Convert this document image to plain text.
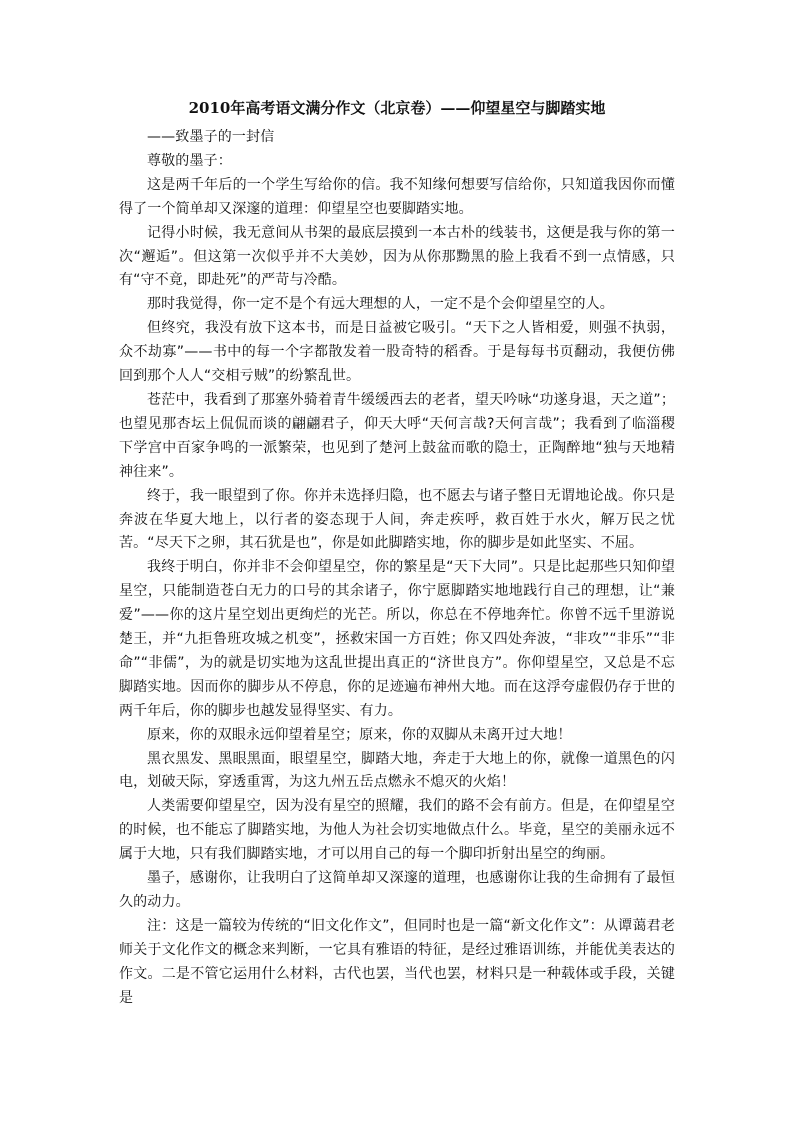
2010年高考语文满分作文（北京卷）——仰望星空与脚踏实地

——致墨子的一封信

尊敬的墨子：

这是两千年后的一个学生写给你的信。我不知缘何想要写信给你，只知道我因你而懂得了一个简单却又深邃的道理：仰望星空也要脚踏实地。

记得小时候，我无意间从书架的最底层摸到一本古朴的线装书，这便是我与你的第一次“邂逅”。但这第一次似乎并不大美妙，因为从你那黝黑的脸上我看不到一点情感，只有“守不竟，即赴死”的严苛与冷酷。

那时我觉得，你一定不是个有远大理想的人，一定不是个会仰望星空的人。

但终究，我没有放下这本书，而是日益被它吸引。“天下之人皆相爱，则强不执弱，众不劫寡”——书中的每一个字都散发着一股奇特的稻香。于是每每书页翻动，我便仿佛回到那个人人“交相亏贼”的纷繁乱世。

苍茫中，我看到了那塞外骑着青牛缓缓西去的老者，望天吟咏“功遂身退，天之道”；也望见那杏坛上侃侃而谈的翩翩君子，仰天大呼“天何言哉?天何言哉”；我看到了临淄稷下学宫中百家争鸣的一派繁荣，也见到了楚河上鼓盆而歌的隐士，正陶醉地“独与天地精神往来”。

终于，我一眼望到了你。你并未选择归隐，也不愿去与诸子整日无谓地论战。你只是奔波在华夏大地上，以行者的姿态现于人间，奔走疾呼，救百姓于水火，解万民之忧苦。“尽天下之卵，其石犹是也”，你是如此脚踏实地，你的脚步是如此坚实、不屈。

我终于明白，你并非不会仰望星空，你的繁星是“天下大同”。只是比起那些只知仰望星空，只能制造苍白无力的口号的其余诸子，你宁愿脚踏实地地践行自己的理想，让“兼爱”——你的这片星空划出更绚烂的光芒。所以，你总在不停地奔忙。你曾不远千里游说楚王，并“九拒鲁班攻城之机变”，拯救宋国一方百姓；你又四处奔波，“非攻”“非乐”“非命”“非儒”，为的就是切实地为这乱世提出真正的“济世良方”。你仰望星空，又总是不忘脚踏实地。因而你的脚步从不停息，你的足迹遍布神州大地。而在这浮夸虚假仍存于世的两千年后，你的脚步也越发显得坚实、有力。

原来，你的双眼永远仰望着星空；原来，你的双脚从未离开过大地！

黑衣黑发、黑眼黑面，眼望星空，脚踏大地，奔走于大地上的你，就像一道黑色的闪电，划破天际，穿透重霄，为这九州五岳点燃永不熄灭的火焰！

人类需要仰望星空，因为没有星空的照耀，我们的路不会有前方。但是，在仰望星空的时候，也不能忘了脚踏实地，为他人为社会切实地做点什么。毕竟，星空的美丽永远不属于大地，只有我们脚踏实地，才可以用自己的每一个脚印折射出星空的绚丽。

墨子，感谢你，让我明白了这简单却又深邃的道理，也感谢你让我的生命拥有了最恒久的动力。

注：这是一篇较为传统的“旧文化作文”，但同时也是一篇“新文化作文”：从谭蔼君老师关于文化作文的概念来判断，一它具有雅语的特征，是经过雅语训练，并能优美表达的作文。二是不管它运用什么材料，古代也罢，当代也罢，材料只是一种载体或手段，关键是
